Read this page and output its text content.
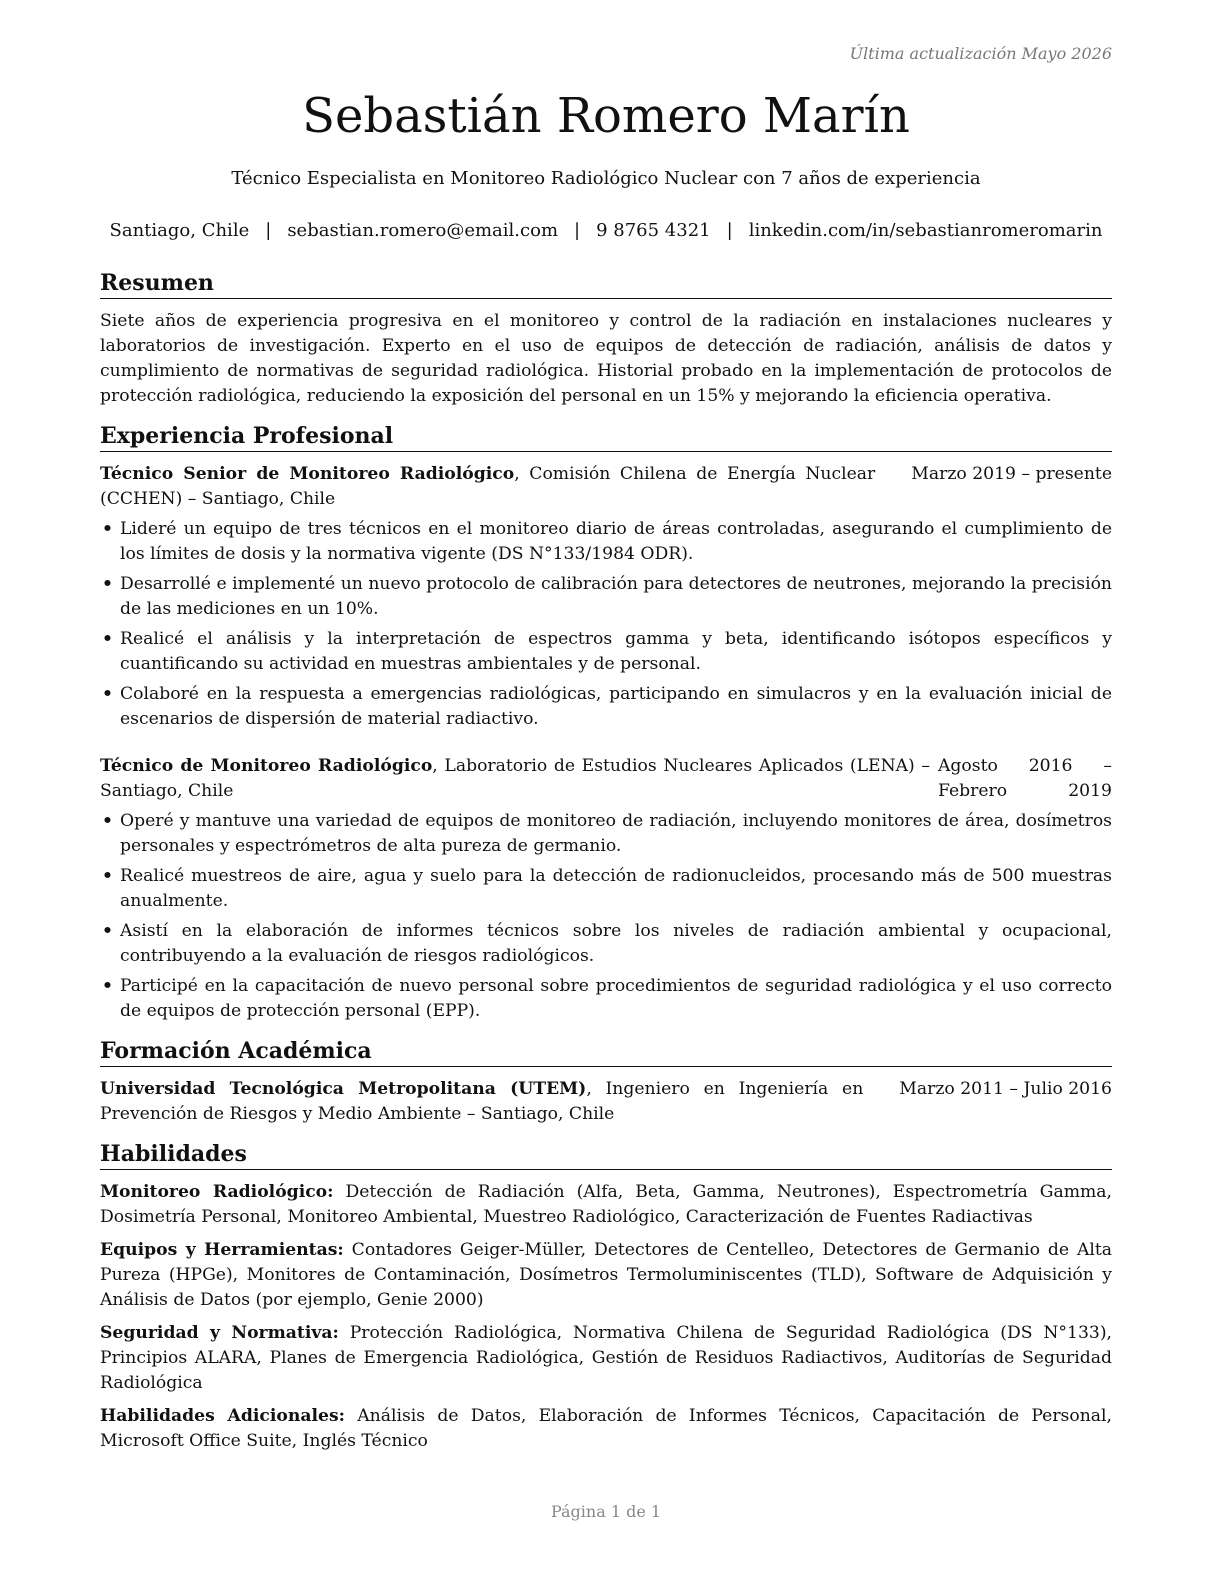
Última actualización Mayo 2026
Sebastián Romero Marín
Técnico Especialista en Monitoreo Radiológico Nuclear con 7 años de experiencia
Santiago, Chile | sebastian.romero@email.com | 9 8765 4321 | linkedin.com/in/sebastianromeromarin
Resumen

Siete años de experiencia progresiva en el monitoreo y control de la radiación en instalaciones nucleares y laboratorios de investigación. Experto en el uso de equipos de detección de radiación, análisis de datos y cumplimiento de normativas de seguridad radiológica. Historial probado en la implementación de protocolos de protección radiológica, reduciendo la exposición del personal en un 15% y mejorando la eficiencia operativa.

Experiencia Profesional
Técnico Senior de Monitoreo Radiológico, Comisión Chilena de Energía Nuclear (CCHEN) – Santiago, Chile
Marzo 2019 – presente
• Lideré un equipo de tres técnicos en el monitoreo diario de áreas controladas, asegurando el cumplimiento de los límites de dosis y la normativa vigente (DS N°133/1984 ODR).
• Desarrollé e implementé un nuevo protocolo de calibración para detectores de neutrones, mejorando la precisión de las mediciones en un 10%.
• Realicé el análisis y la interpretación de espectros gamma y beta, identificando isótopos específicos y cuantificando su actividad en muestras ambientales y de personal.
• Colaboré en la respuesta a emergencias radiológicas, participando en simulacros y en la evaluación inicial de escenarios de dispersión de material radiactivo.
Técnico de Monitoreo Radiológico, Laboratorio de Estudios Nucleares Aplicados (LENA) – Santiago, Chile
Agosto 2016 – Febrero 2019
• Operé y mantuve una variedad de equipos de monitoreo de radiación, incluyendo monitores de área, dosímetros personales y espectrómetros de alta pureza de germanio.
• Realicé muestreos de aire, agua y suelo para la detección de radionucleidos, procesando más de 500 muestras anualmente.
• Asistí en la elaboración de informes técnicos sobre los niveles de radiación ambiental y ocupacional, contribuyendo a la evaluación de riesgos radiológicos.
• Participé en la capacitación de nuevo personal sobre procedimientos de seguridad radiológica y el uso correcto de equipos de protección personal (EPP).
Formación Académica
Universidad Tecnológica Metropolitana (UTEM), Ingeniero en Ingeniería en Prevención de Riesgos y Medio Ambiente – Santiago, Chile
Marzo 2011 – Julio 2016
Habilidades

Monitoreo Radiológico: Detección de Radiación (Alfa, Beta, Gamma, Neutrones), Espectrometría Gamma, Dosimetría Personal, Monitoreo Ambiental, Muestreo Radiológico, Caracterización de Fuentes Radiactivas

Equipos y Herramientas: Contadores Geiger-Müller, Detectores de Centelleo, Detectores de Germanio de Alta Pureza (HPGe), Monitores de Contaminación, Dosímetros Termoluminiscentes (TLD), Software de Adquisición y Análisis de Datos (por ejemplo, Genie 2000)

Seguridad y Normativa: Protección Radiológica, Normativa Chilena de Seguridad Radiológica (DS N°133), Principios ALARA, Planes de Emergencia Radiológica, Gestión de Residuos Radiactivos, Auditorías de Seguridad Radiológica

Habilidades Adicionales: Análisis de Datos, Elaboración de Informes Técnicos, Capacitación de Personal, Microsoft Office Suite, Inglés Técnico

Página 1 de 1
